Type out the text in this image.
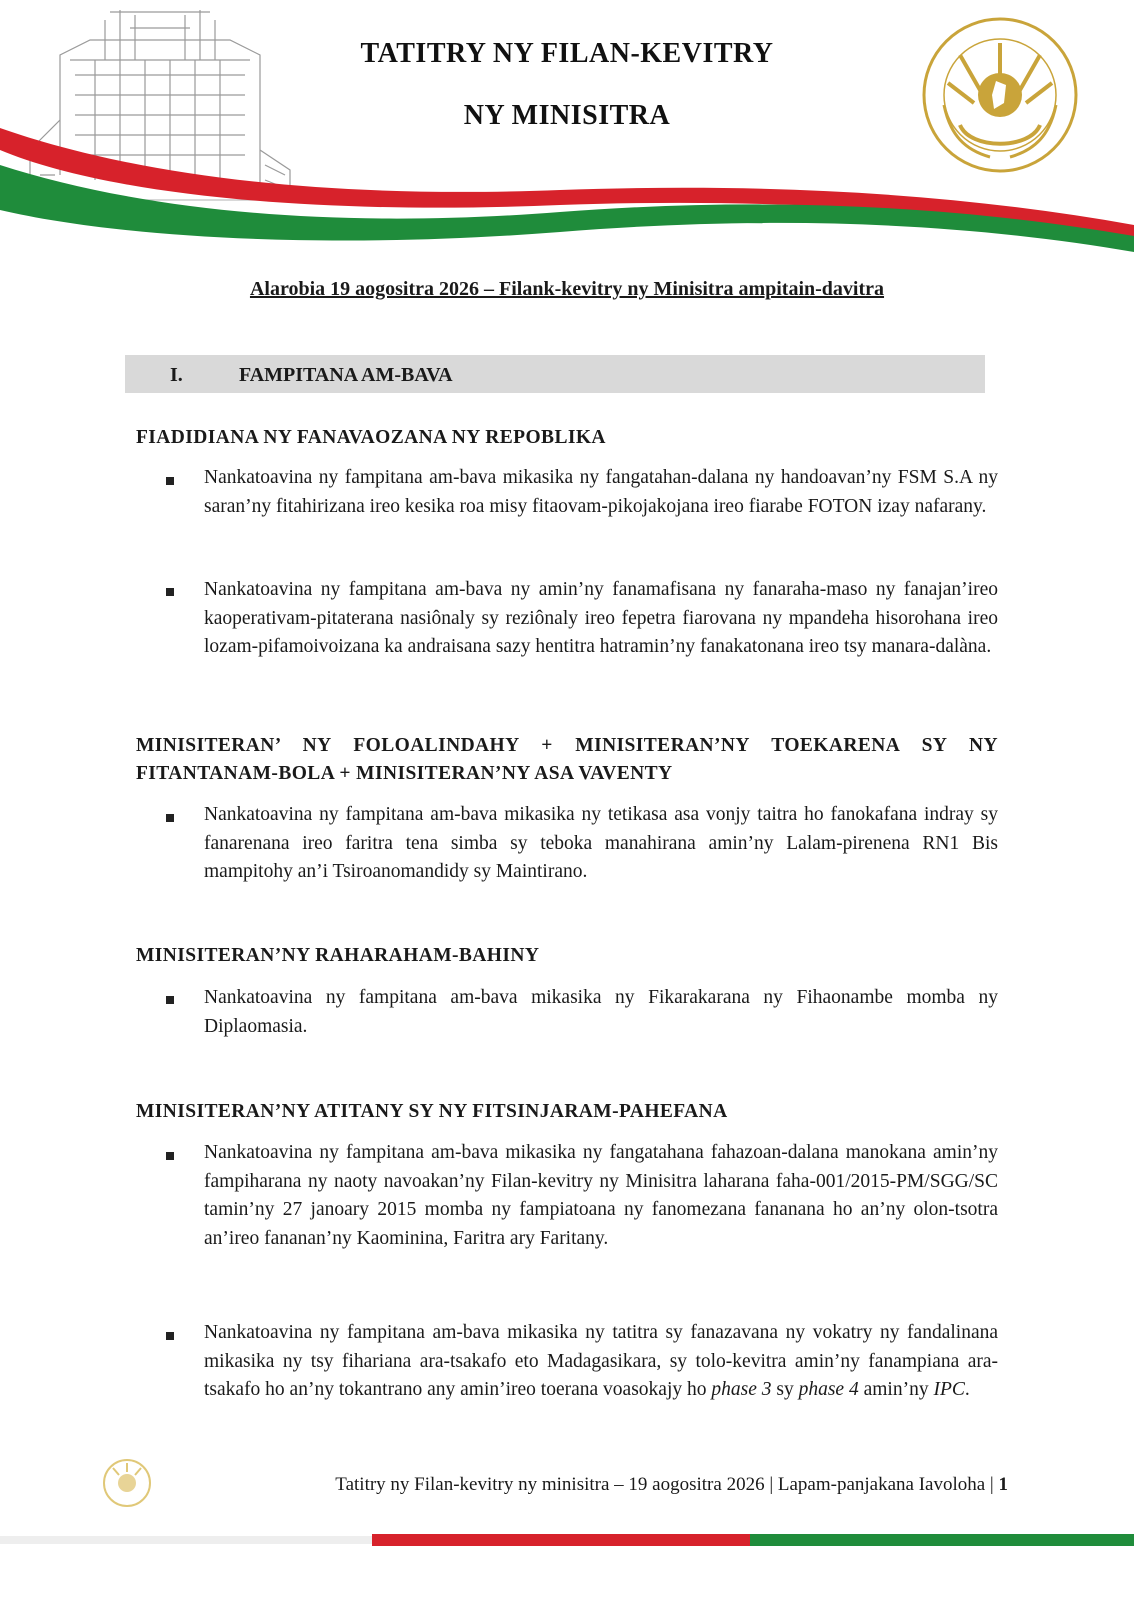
TATITRY NY FILAN-KEVITRY
NY MINISITRA
Alarobia 19 aogositra 2026 – Filank-kevitry ny Minisitra ampitain-davitra
I.	FAMPITANA AM-BAVA
FIADIDIANA NY FANAVAOZANA NY REPOBLIKA
Nankatoavina ny fampitana am-bava mikasika ny fangatahan-dalana ny handoavan’ny FSM S.A ny saran’ny fitahirizana ireo kesika roa misy fitaovam-pikojakojana ireo fiarabe FOTON izay nafarany.
Nankatoavina ny fampitana am-bava ny amin’ny fanamafisana ny fanaraha-maso ny fanajan’ireo kaoperativam-pitaterana nasiônaly sy reziônaly ireo fepetra fiarovana ny mpandeha hisorohana ireo lozam-pifamoivoizana ka andraisana sazy hentitra hatramin’ny fanakatonana ireo tsy manara-dalàna.
MINISITERAN’ NY FOLOALINDAHY + MINISITERAN’NY TOEKARENA SY NY FITANTANAM-BOLA + MINISITERAN’NY ASA VAVENTY
Nankatoavina ny fampitana am-bava mikasika ny tetikasa asa vonjy taitra ho fanokafana indray sy fanarenana ireo faritra tena simba sy teboka manahirana amin’ny Lalam-pirenena RN1 Bis mampitohy an’i Tsiroanomandidy sy Maintirano.
MINISITERAN’NY RAHARAHAM-BAHINY
Nankatoavina ny fampitana am-bava mikasika ny Fikarakarana ny Fihaonambe momba ny Diplaomasia.
MINISITERAN’NY ATITANY SY NY FITSINJARAM-PAHEFANA
Nankatoavina ny fampitana am-bava mikasika ny fangatahana fahazoan-dalana manokana amin’ny fampiharana ny naoty navoakan’ny Filan-kevitry ny Minisitra laharana faha-001/2015-PM/SGG/SC tamin’ny 27 janoary 2015 momba ny fampiatoana ny fanomezana fananana ho an’ny olon-tsotra an’ireo fananan’ny Kaominina, Faritra ary Faritany.
Nankatoavina ny fampitana am-bava mikasika ny tatitra sy fanazavana ny vokatry ny fandalinana mikasika ny tsy fihariana ara-tsakafo eto Madagasikara, sy tolo-kevitra amin’ny fanampiana ara-tsakafo ho an’ny tokantrano any amin’ireo toerana voasokajy ho phase 3 sy phase 4 amin’ny IPC.
Tatitry ny Filan-kevitry ny minisitra – 19 aogositra 2026 | Lapam-panjakana Iavoloha | 1
